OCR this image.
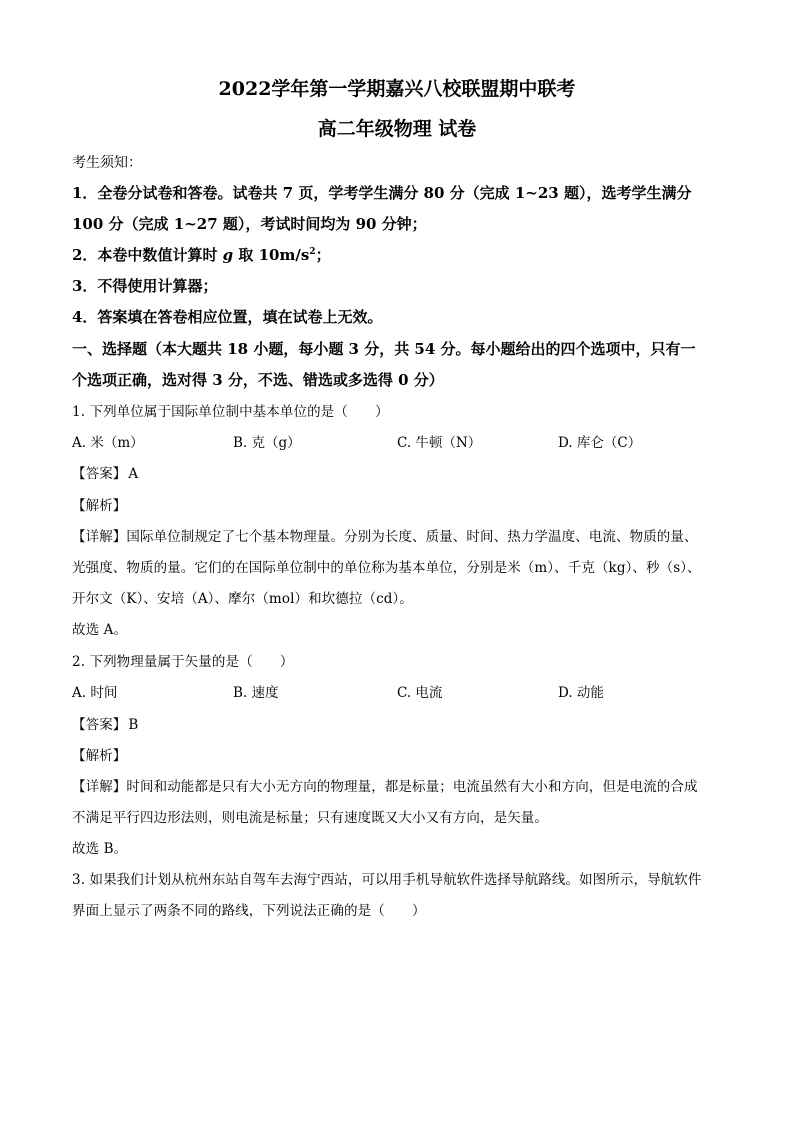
2022学年第一学期嘉兴八校联盟期中联考
高二年级物理 试卷
考生须知：
1．全卷分试卷和答卷。试卷共 7 页，学考学生满分 80 分（完成 1~23 题），选考学生满分
100 分（完成 1~27 题），考试时间均为 90 分钟；
2．本卷中数值计算时 g 取 $10m/s^2$；
3．不得使用计算器；
4．答案填在答卷相应位置，填在试卷上无效。
一、选择题（本大题共 18 小题，每小题 3 分，共 54 分。每小题给出的四个选项中，只有一
个选项正确，选对得 3 分，不选、错选或多选得 0 分）
1. 下列单位属于国际单位制中基本单位的是（　　）
A. 米（m）	B. 克（g）	C. 牛顿（N）	D. 库仑（C）
【答案】 A
【解析】
【详解】国际单位制规定了七个基本物理量。分别为长度、质量、时间、热力学温度、电流、物质的量、
光强度、物质的量。它们的在国际单位制中的单位称为基本单位，分别是米（m）、千克（kg）、秒（s）、
开尔文（K）、安培（A）、摩尔（mol）和坎德拉（cd）。
故选 A。
2. 下列物理量属于矢量的是（　　）
A. 时间	B. 速度	C. 电流	D. 动能
【答案】 B
【解析】
【详解】时间和动能都是只有大小无方向的物理量，都是标量；电流虽然有大小和方向，但是电流的合成
不满足平行四边形法则，则电流是标量；只有速度既又大小又有方向，是矢量。
故选 B。
3. 如果我们计划从杭州东站自驾车去海宁西站，可以用手机导航软件选择导航路线。如图所示，导航软件
界面上显示了两条不同的路线，下列说法正确的是（　　）
